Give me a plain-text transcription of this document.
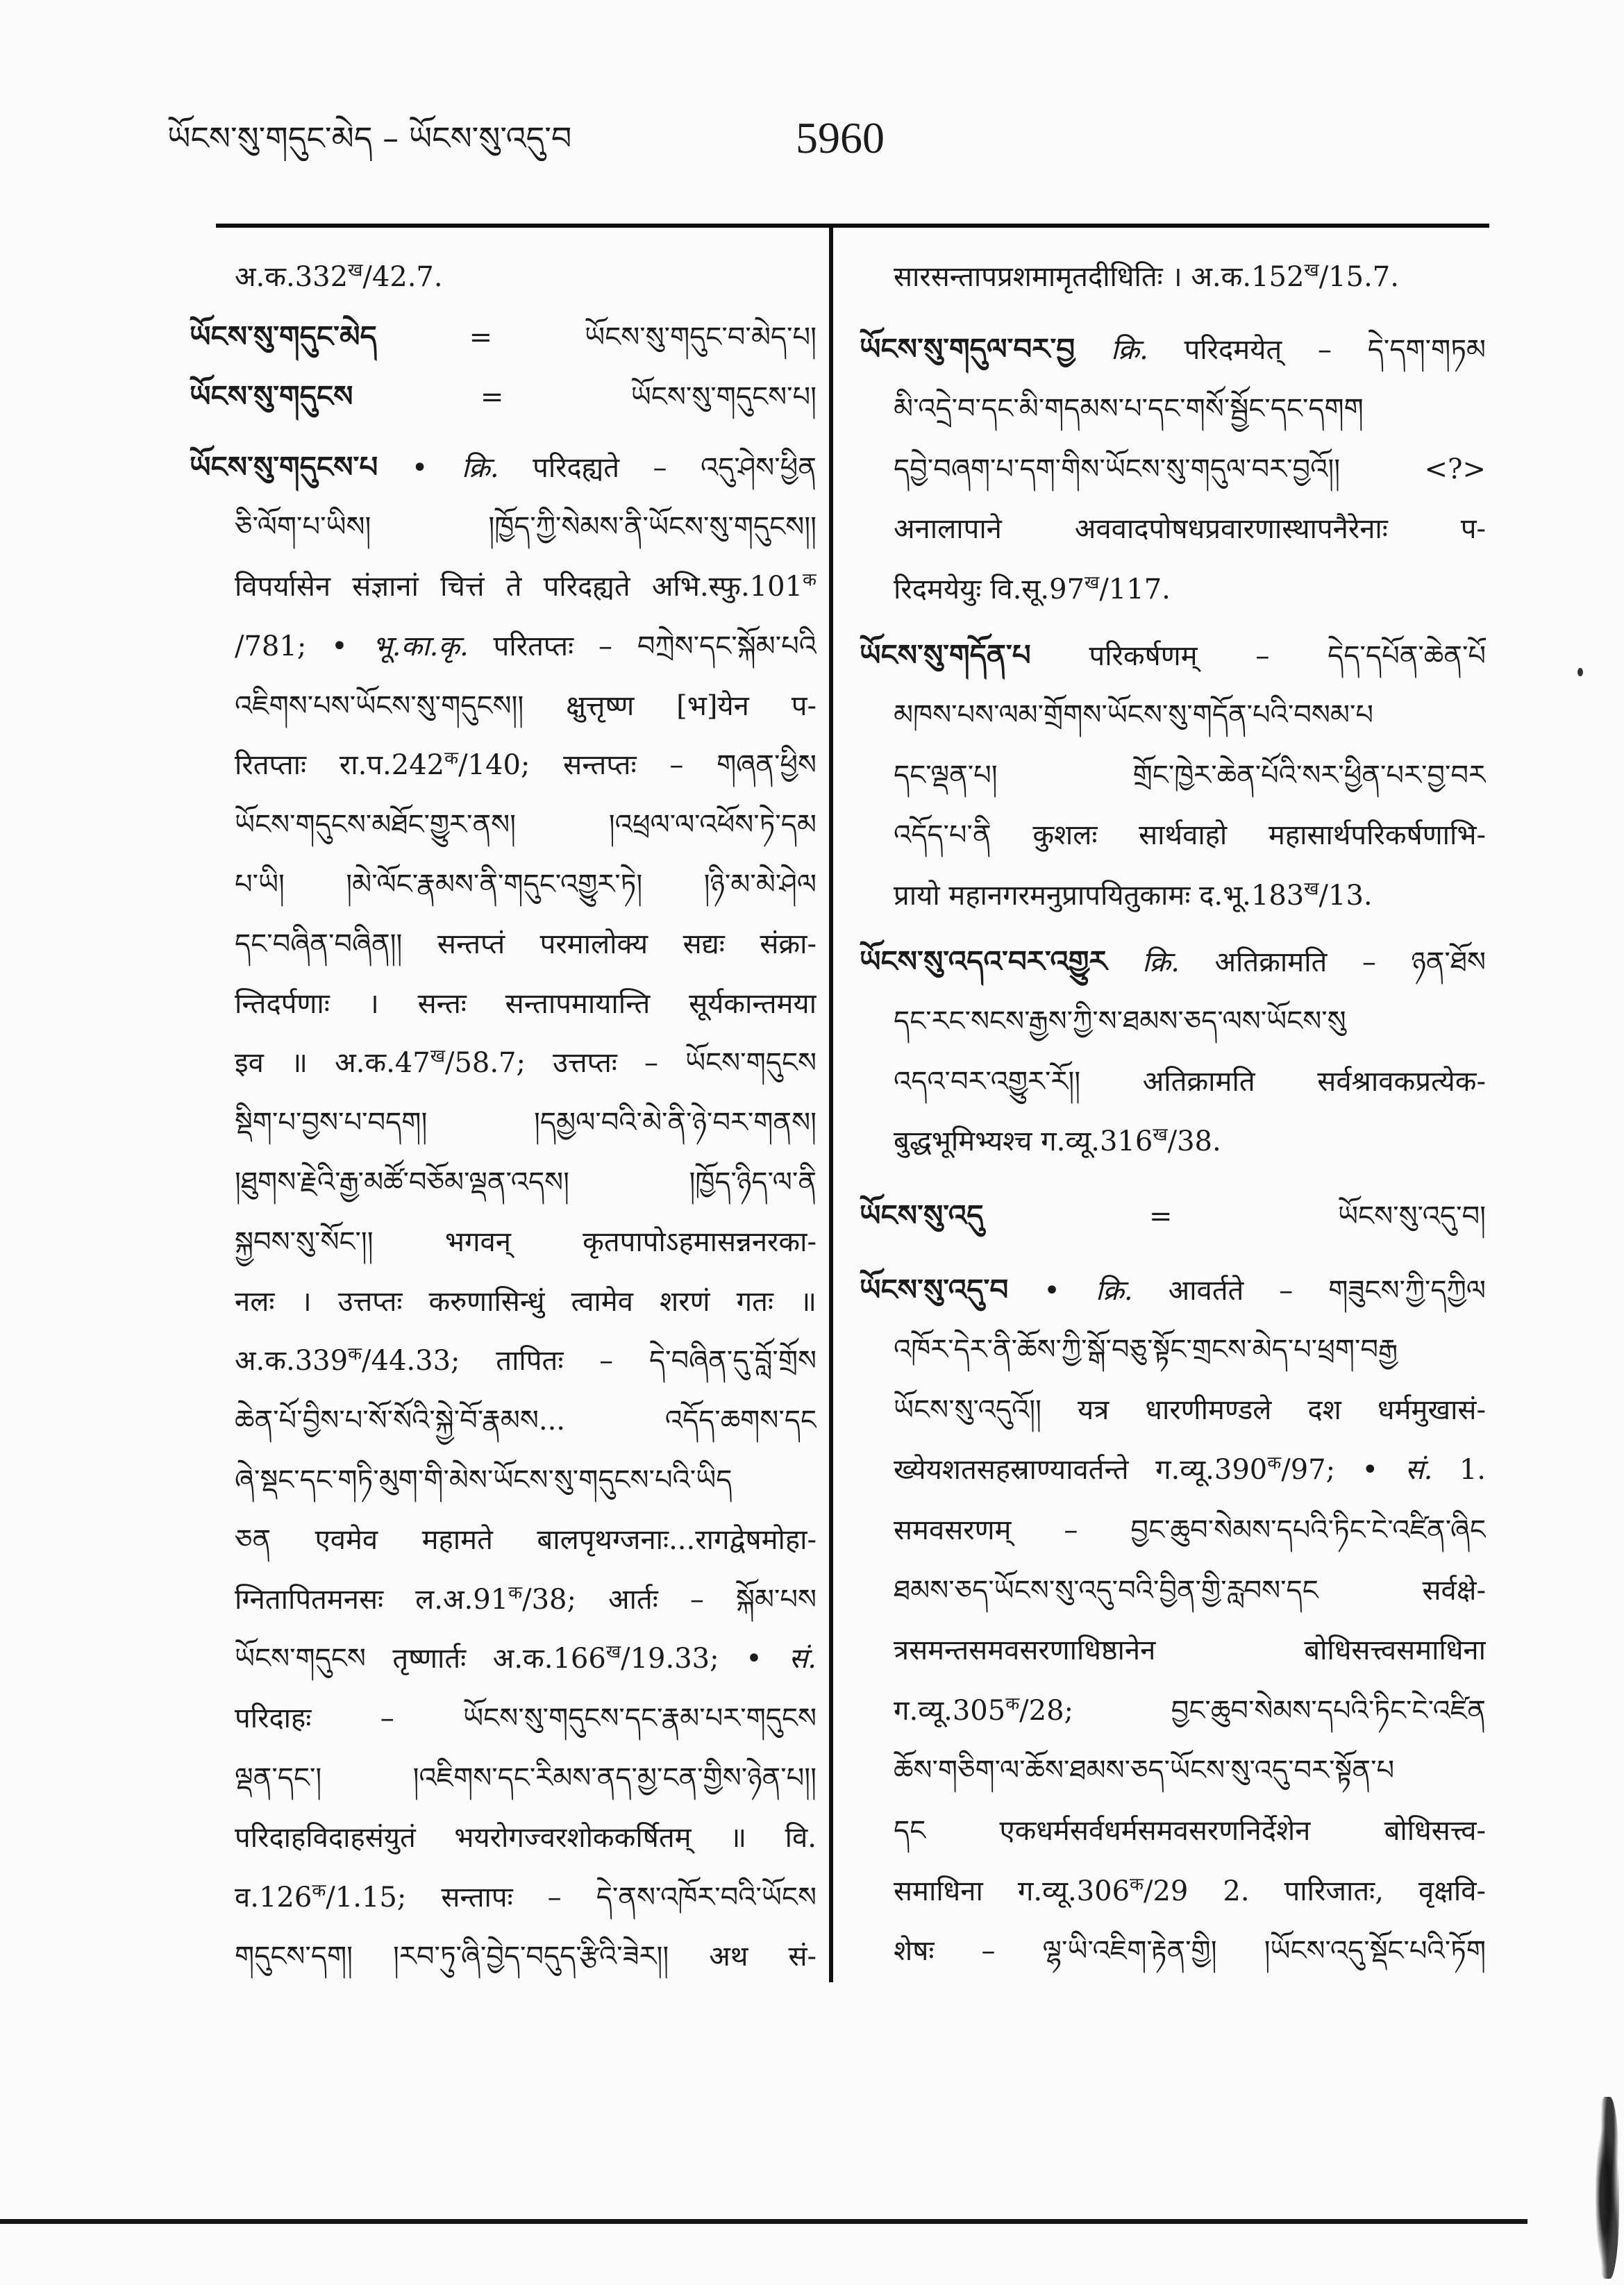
ཡོངས་སུ་གདུང་མེད – ཡོངས་སུ་འདུ་བ	5960
$अ.क.332^ख/42.7$.
ཡོངས་སུ་གདུང་མེད = ཡོངས་སུ་གདུང་བ་མེད་པ།
ཡོངས་སུ་གདུངས = ཡོངས་སུ་གདུངས་པ།
ཡོངས་སུ་གདུངས་པ • क्रि. परिदह्यते – འདུ་ཤེས་ཕྱིན
ཅི་ལོག་པ་ཡིས། །ཁྱོད་ཀྱི་སེམས་ནི་ཡོངས་སུ་གདུངས།།
विपर्यासेन संज्ञानां चित्तं ते परिदह्यते $अभि.स्फु.101^क$
/781; • भू.का.कृ. परितप्तः – བཀྲེས་དང་སྐོམ་པའི
འཇིགས་པས་ཡོངས་སུ་གདུངས།། क्षुत्तृष्ण [भ]येन प-
रितप्ताः $रा.प.242^क/140$; सन्तप्तः – གཞན་ཕྱིས
ཡོངས་གདུངས་མཐོང་གྱུར་ནས། །འཕྲལ་ལ་འཕོས་ཏེ་དམ
པ་ཡི། །མེ་ལོང་རྣམས་ནི་གདུང་འགྱུར་ཏེ། །ཉི་མ་མེ་ཤེལ
དང་བཞིན་བཞིན།། सन्तप्तं परमालोक्य सद्यः संक्रा-
न्तिदर्पणाः । सन्तः सन्तापमायान्ति सूर्यकान्तमया
इव ॥ $अ.क.47^ख/58.7$; उत्तप्तः – ཡོངས་གདུངས
སྡིག་པ་བྱས་པ་བདག། །དམྱལ་བའི་མེ་ནི་ཉེ་བར་གནས།
།ཐུགས་རྗེའི་རྒྱ་མཚོ་བཅོམ་ལྡན་འདས། །ཁྱོད་ཉིད་ལ་ནི
སྐྱབས་སུ་སོང་།། भगवन् कृतपापोऽहमासन्ननरका-
नलः । उत्तप्तः करुणासिन्धुं त्वामेव शरणं गतः ॥
$अ.क.339^क/44.33$; तापितः – དེ་བཞིན་དུ་བློ་གྲོས
ཆེན་པོ་བྱིས་པ་སོ་སོའི་སྐྱེ་བོ་རྣམས... འདོད་ཆགས་དང
ཞེ་སྡང་དང་གཏི་མུག་གི་མེས་ཡོངས་སུ་གདུངས་པའི་ཡིད
ཅན एवमेव महामते बालपृथग्जनाः...रागद्वेषमोहा-
ग्नितापितमनसः $ल.अ.91^क/38$; आर्तः – སྐོམ་པས
ཡོངས་གདུངས तृष्णार्तः $अ.क.166^ख/19.33$; • सं.
परिदाहः – ཡོངས་སུ་གདུངས་དང་རྣམ་པར་གདུངས
ལྡན་དང་། །འཇིགས་དང་རིམས་ནད་མྱ་ངན་གྱིས་ཉེན་པ།།
परिदाहविदाहसंयुतं भयरोगज्वरशोककर्षितम् ॥ वि.
$व.126^क/1.15$; सन्तापः – དེ་ནས་འཁོར་བའི་ཡོངས
གདུངས་དག། །རབ་ཏུ་ཞི་བྱེད་བདུད་རྩིའི་ཟེར།། अथ सं-
सारसन्तापप्रशमामृतदीधितिः । $अ.क.152^ख/15.7$.
ཡོངས་སུ་གདུལ་བར་བྱ क्रि. परिदमयेत् – དེ་དག་གཏམ
མི་འདྲེ་བ་དང་མི་གདམས་པ་དང་གསོ་སྦྱོང་དང་དགག
དབྱེ་བཞག་པ་དག་གིས་ཡོངས་སུ་གདུལ་བར་བྱའོ།། <?>
अनालापाने अववादपोषधप्रवारणास्थापनैरेनाः प-
रिदमयेयुः $वि.सू.97^ख/117$.
ཡོངས་སུ་གདོན་པ परिकर्षणम् – དེད་དཔོན་ཆེན་པོ
མཁས་པས་ལམ་གྲོགས་ཡོངས་སུ་གདོན་པའི་བསམ་པ
དང་ལྡན་པ། གྲོང་ཁྱེར་ཆེན་པོའི་སར་ཕྱིན་པར་བྱ་བར
འདོད་པ་ནི कुशलः सार्थवाहो महासार्थपरिकर्षणाभि-
प्रायो महानगरमनुप्रापयितुकामः $द.भू.183^ख/13$.
ཡོངས་སུ་འདའ་བར་འགྱུར क्रि. अतिक्रामति – ཉན་ཐོས
དང་རང་སངས་རྒྱས་ཀྱི་ས་ཐམས་ཅད་ལས་ཡོངས་སུ
འདའ་བར་འགྱུར་རོ།། अतिक्रामति सर्वश्रावकप्रत्येक-
बुद्धभूमिभ्यश्च $ग.व्यू.316^ख/38$.
ཡོངས་སུ་འདུ = ཡོངས་སུ་འདུ་བ།
ཡོངས་སུ་འདུ་བ • क्रि. आवर्तते – གཟུངས་ཀྱི་དཀྱིལ
འཁོར་དེར་ནི་ཆོས་ཀྱི་སྒོ་བཅུ་སྟོང་གྲངས་མེད་པ་ཕྲག་བརྒྱ
ཡོངས་སུ་འདུའོ།། यत्र धारणीमण्डले दश धर्ममुखासं-
ख्येयशतसहस्राण्यावर्तन्ते $ग.व्यू.390^क/97$; • सं. 1.
समवसरणम् – བྱང་ཆུབ་སེམས་དཔའི་ཏིང་ངེ་འཛིན་ཞིང
ཐམས་ཅད་ཡོངས་སུ་འདུ་བའི་བྱིན་གྱི་རླབས་དང सर्वक्षे-
त्रसमन्तसमवसरणाधिष्ठानेन बोधिसत्त्वसमाधिना
$ग.व्यू.305^क/28$; བྱང་ཆུབ་སེམས་དཔའི་ཏིང་ངེ་འཛིན
ཆོས་གཅིག་ལ་ཆོས་ཐམས་ཅད་ཡོངས་སུ་འདུ་བར་སྟོན་པ
དང एकधर्मसर्वधर्मसमवसरणनिर्देशेन बोधिसत्त्व-
समाधिना $ग.व्यू.306^क/29$ 2. पारिजातः, वृक्षवि-
शेषः – ལྷ་ཡི་འཇིག་རྟེན་གྱི། །ཡོངས་འདུ་སྡོང་པའི་ཏོག
